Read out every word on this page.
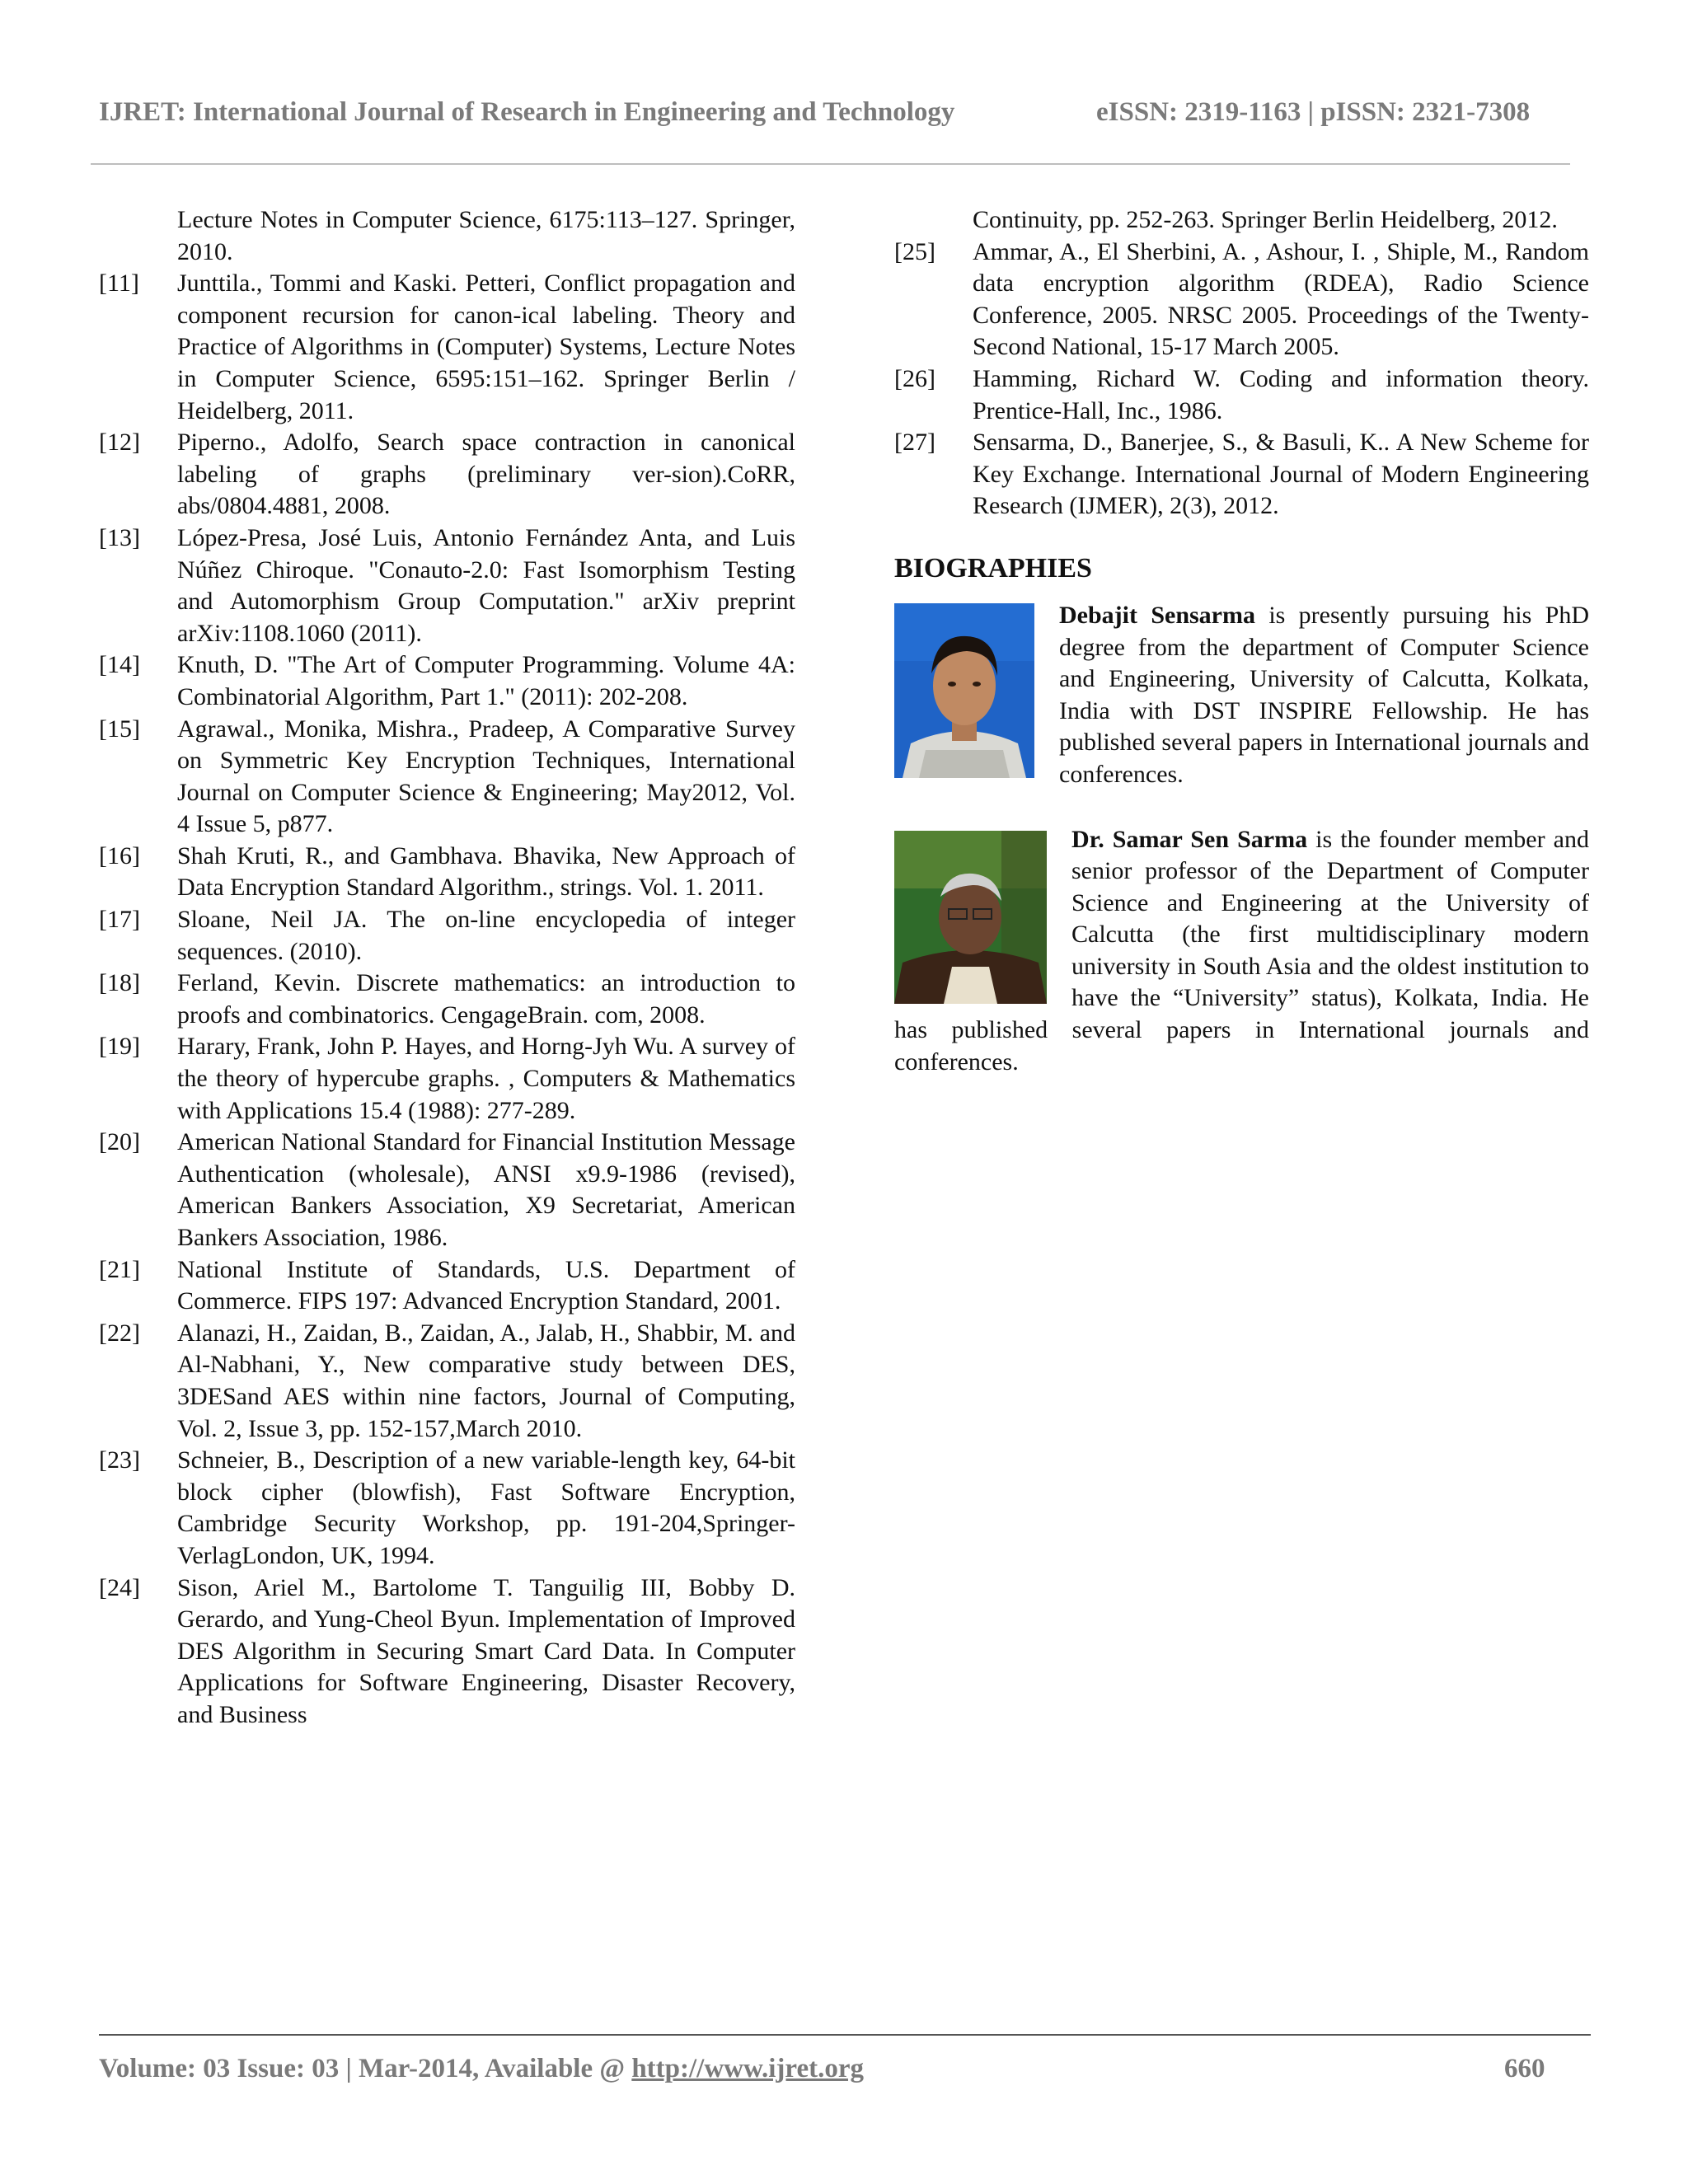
IJRET: International Journal of Research in Engineering and Technology	eISSN: 2319-1163 | pISSN: 2321-7308
Lecture Notes in Computer Science, 6175:113–127. Springer, 2010.
[11] Junttila., Tommi and Kaski. Petteri, Conflict propagation and component recursion for canon-ical labeling. Theory and Practice of Algorithms in (Computer) Systems, Lecture Notes in Computer Science, 6595:151–162. Springer Berlin / Heidelberg, 2011.
[12] Piperno., Adolfo, Search space contraction in canonical labeling of graphs (preliminary ver-sion).CoRR, abs/0804.4881, 2008.
[13] López-Presa, José Luis, Antonio Fernández Anta, and Luis Núñez Chiroque. "Conauto-2.0: Fast Isomorphism Testing and Automorphism Group Computation." arXiv preprint arXiv:1108.1060 (2011).
[14] Knuth, D. "The Art of Computer Programming. Volume 4A: Combinatorial Algorithm, Part 1." (2011): 202-208.
[15] Agrawal., Monika, Mishra., Pradeep, A Comparative Survey on Symmetric Key Encryption Techniques, International Journal on Computer Science & Engineering; May2012, Vol. 4 Issue 5, p877.
[16] Shah Kruti, R., and Gambhava. Bhavika, New Approach of Data Encryption Standard Algorithm., strings. Vol. 1. 2011.
[17] Sloane, Neil JA. The on-line encyclopedia of integer sequences. (2010).
[18] Ferland, Kevin. Discrete mathematics: an introduction to proofs and combinatorics. CengageBrain. com, 2008.
[19] Harary, Frank, John P. Hayes, and Horng-Jyh Wu. A survey of the theory of hypercube graphs. , Computers & Mathematics with Applications 15.4 (1988): 277-289.
[20] American National Standard for Financial Institution Message Authentication (wholesale), ANSI x9.9-1986 (revised), American Bankers Association, X9 Secretariat, American Bankers Association, 1986.
[21] National Institute of Standards, U.S. Department of Commerce. FIPS 197: Advanced Encryption Standard, 2001.
[22] Alanazi, H., Zaidan, B., Zaidan, A., Jalab, H., Shabbir, M. and Al-Nabhani, Y., New comparative study between DES, 3DESand AES within nine factors, Journal of Computing, Vol. 2, Issue 3, pp. 152-157,March 2010.
[23] Schneier, B., Description of a new variable-length key, 64-bit block cipher (blowfish), Fast Software Encryption, Cambridge Security Workshop, pp. 191-204,Springer-VerlagLondon, UK, 1994.
[24] Sison, Ariel M., Bartolome T. Tanguilig III, Bobby D. Gerardo, and Yung-Cheol Byun. Implementation of Improved DES Algorithm in Securing Smart Card Data. In Computer Applications for Software Engineering, Disaster Recovery, and Business
Continuity, pp. 252-263. Springer Berlin Heidelberg, 2012.
[25] Ammar, A., El Sherbini, A. , Ashour, I. , Shiple, M., Random data encryption algorithm (RDEA), Radio Science Conference, 2005. NRSC 2005. Proceedings of the Twenty-Second National, 15-17 March 2005.
[26] Hamming, Richard W. Coding and information theory. Prentice-Hall, Inc., 1986.
[27] Sensarma, D., Banerjee, S., & Basuli, K.. A New Scheme for Key Exchange. International Journal of Modern Engineering Research (IJMER), 2(3), 2012.
BIOGRAPHIES
Debajit Sensarma is presently pursuing his PhD degree from the department of Computer Science and Engineering, University of Calcutta, Kolkata, India with DST INSPIRE Fellowship. He has published several papers in International journals and conferences.
Dr. Samar Sen Sarma is the founder member and senior professor of the Department of Computer Science and Engineering at the University of Calcutta (the first multidisciplinary modern university in South Asia and the oldest institution to have the “University” status), Kolkata, India. He has published several papers in International journals and conferences.
Volume: 03 Issue: 03 | Mar-2014, Available @ http://www.ijret.org	660
